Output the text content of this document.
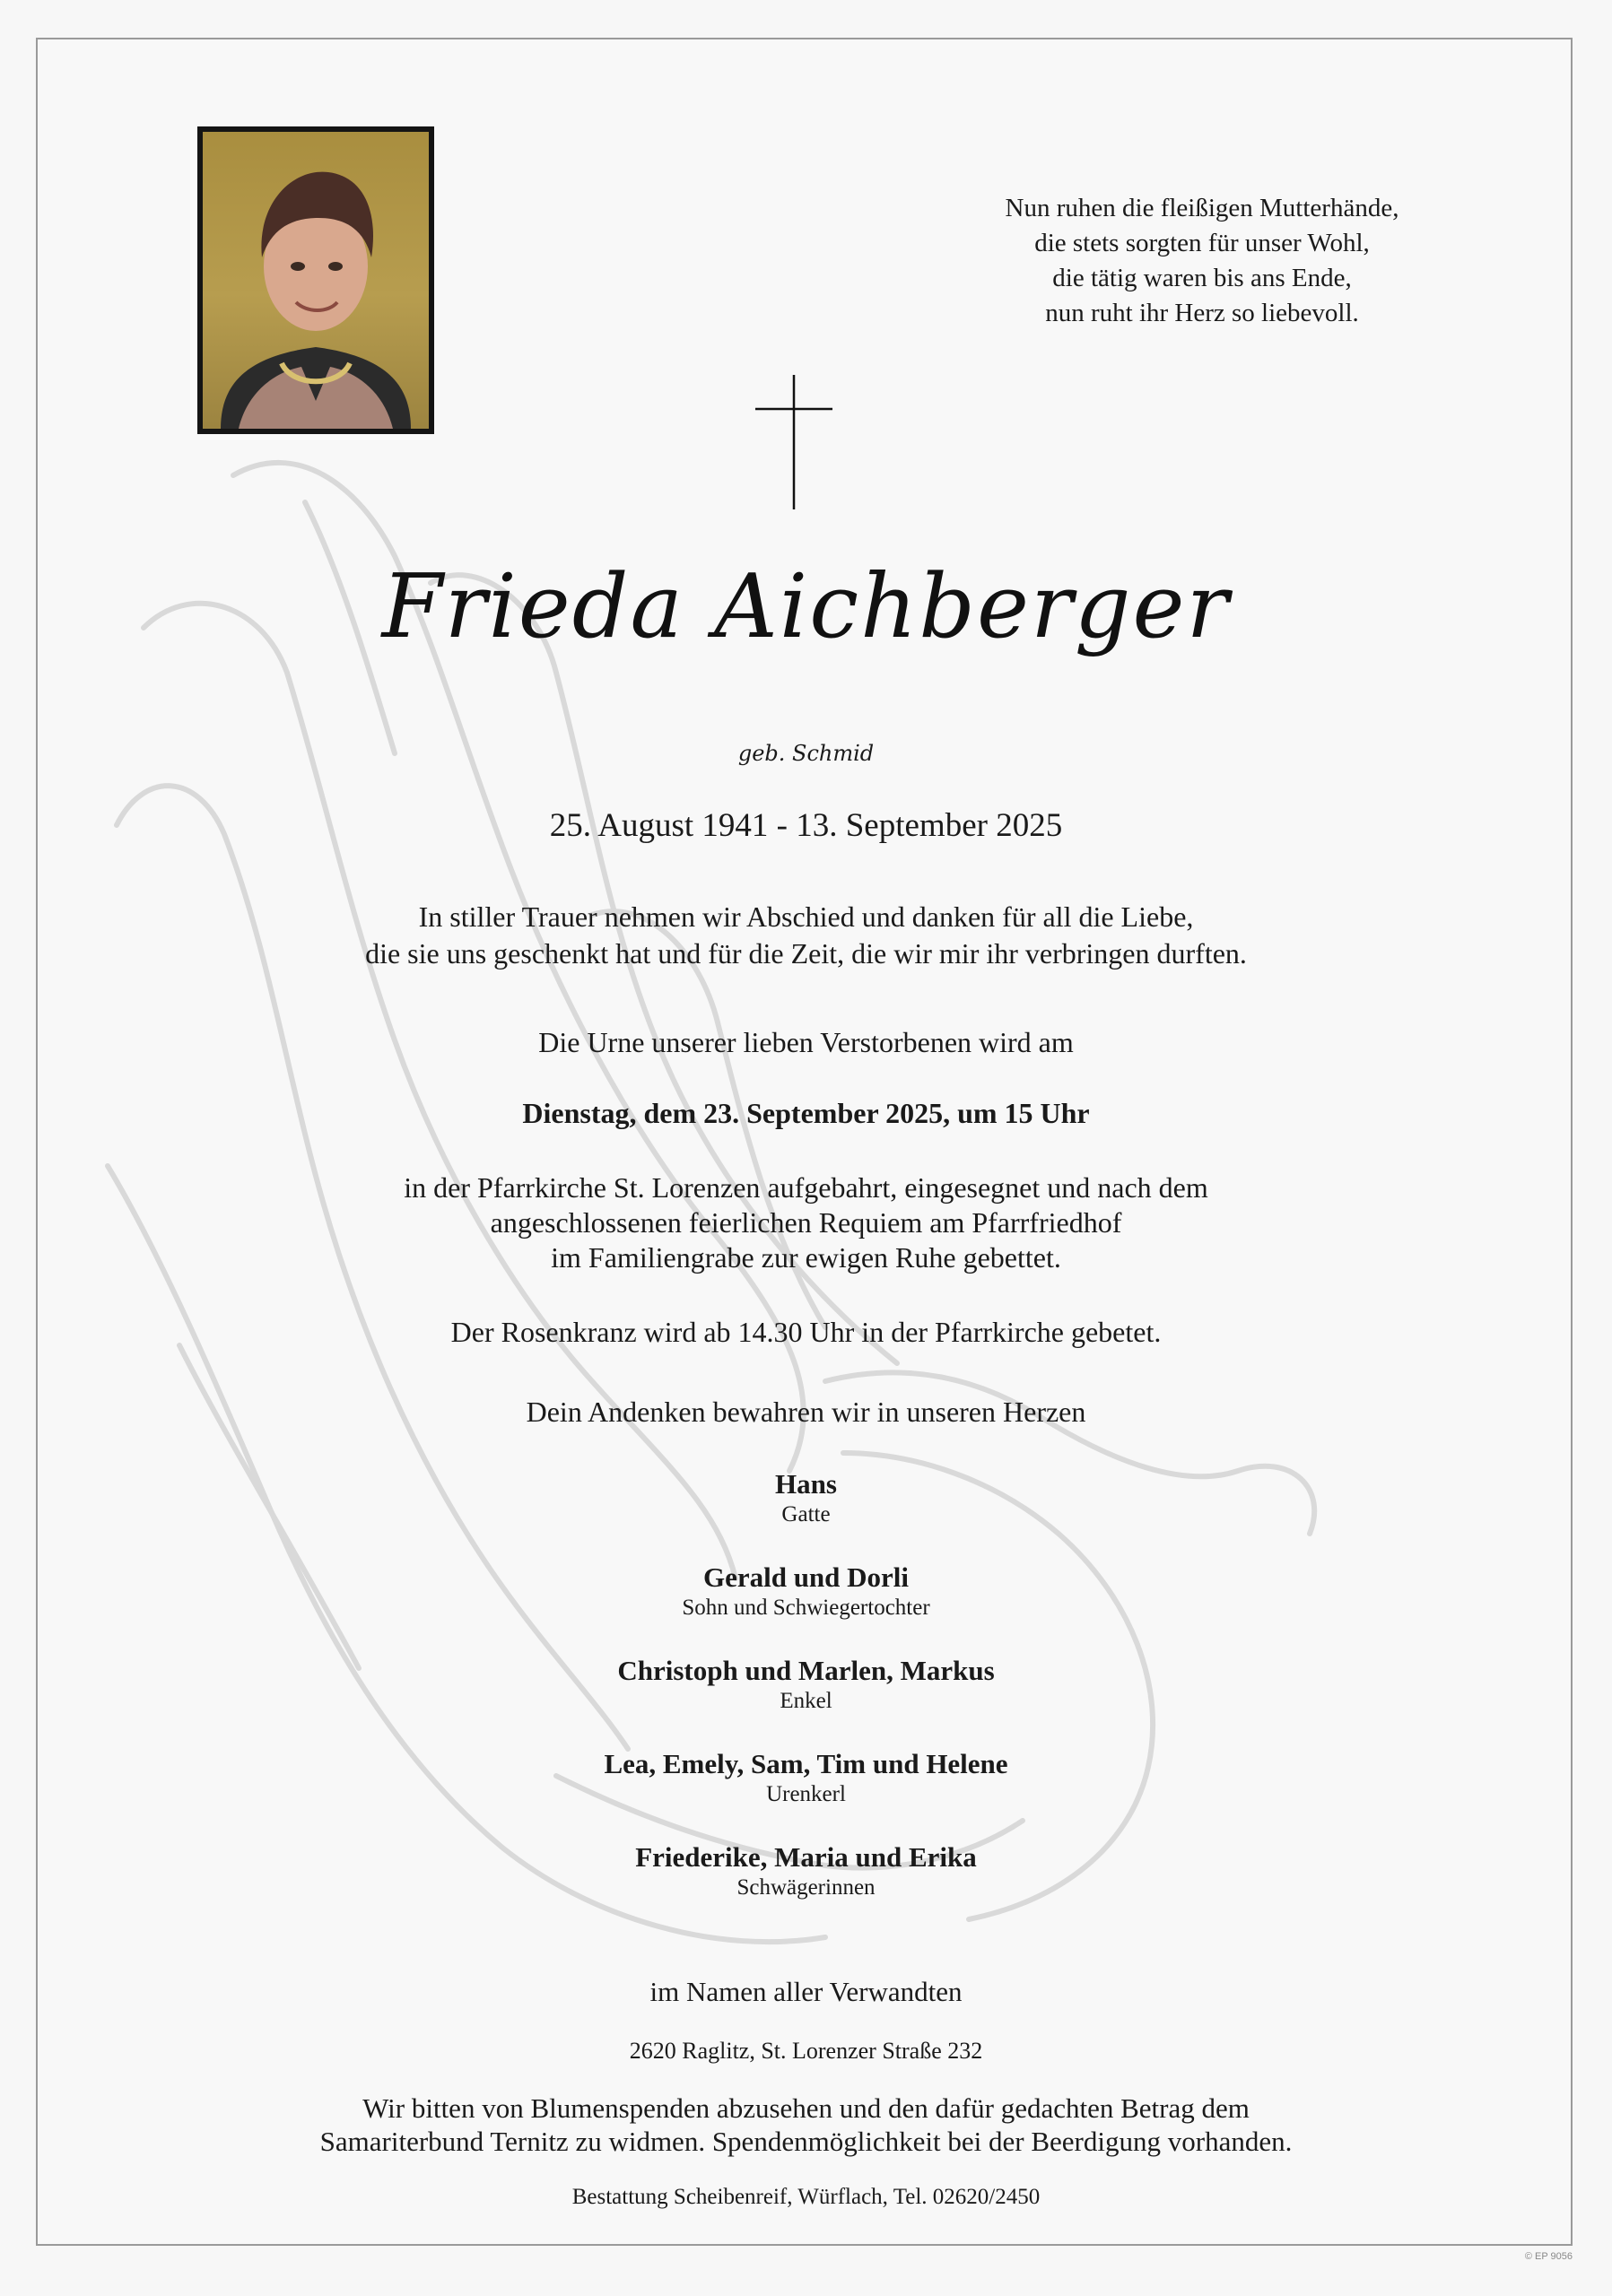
Nun ruhen die fleißigen Mutterhände,
die stets sorgten für unser Wohl,
die tätig waren bis ans Ende,
nun ruht ihr Herz so liebevoll.
Frieda Aichberger
geb. Schmid
25. August 1941 - 13. September 2025
In stiller Trauer nehmen wir Abschied und danken für all die Liebe,
die sie uns geschenkt hat und für die Zeit, die wir mir ihr verbringen durften.
Die Urne unserer lieben Verstorbenen wird am
Dienstag, dem 23. September 2025, um 15 Uhr
in der Pfarrkirche St. Lorenzen aufgebahrt, eingesegnet und nach dem
angeschlossenen feierlichen Requiem am Pfarrfriedhof
im Familiengrabe zur ewigen Ruhe gebettet.
Der Rosenkranz wird ab 14.30 Uhr in der Pfarrkirche gebetet.
Dein Andenken bewahren wir in unseren Herzen
Hans
Gatte
Gerald und Dorli
Sohn und Schwiegertochter
Christoph und Marlen, Markus
Enkel
Lea, Emely, Sam, Tim und Helene
Urenkerl
Friederike, Maria und Erika
Schwägerinnen
im Namen aller Verwandten
2620 Raglitz, St. Lorenzer Straße 232
Wir bitten von Blumenspenden abzusehen und den dafür gedachten Betrag dem
Samariterbund Ternitz zu widmen. Spendenmöglichkeit bei der Beerdigung vorhanden.
Bestattung Scheibenreif, Würflach, Tel. 02620/2450
© EP 9056
